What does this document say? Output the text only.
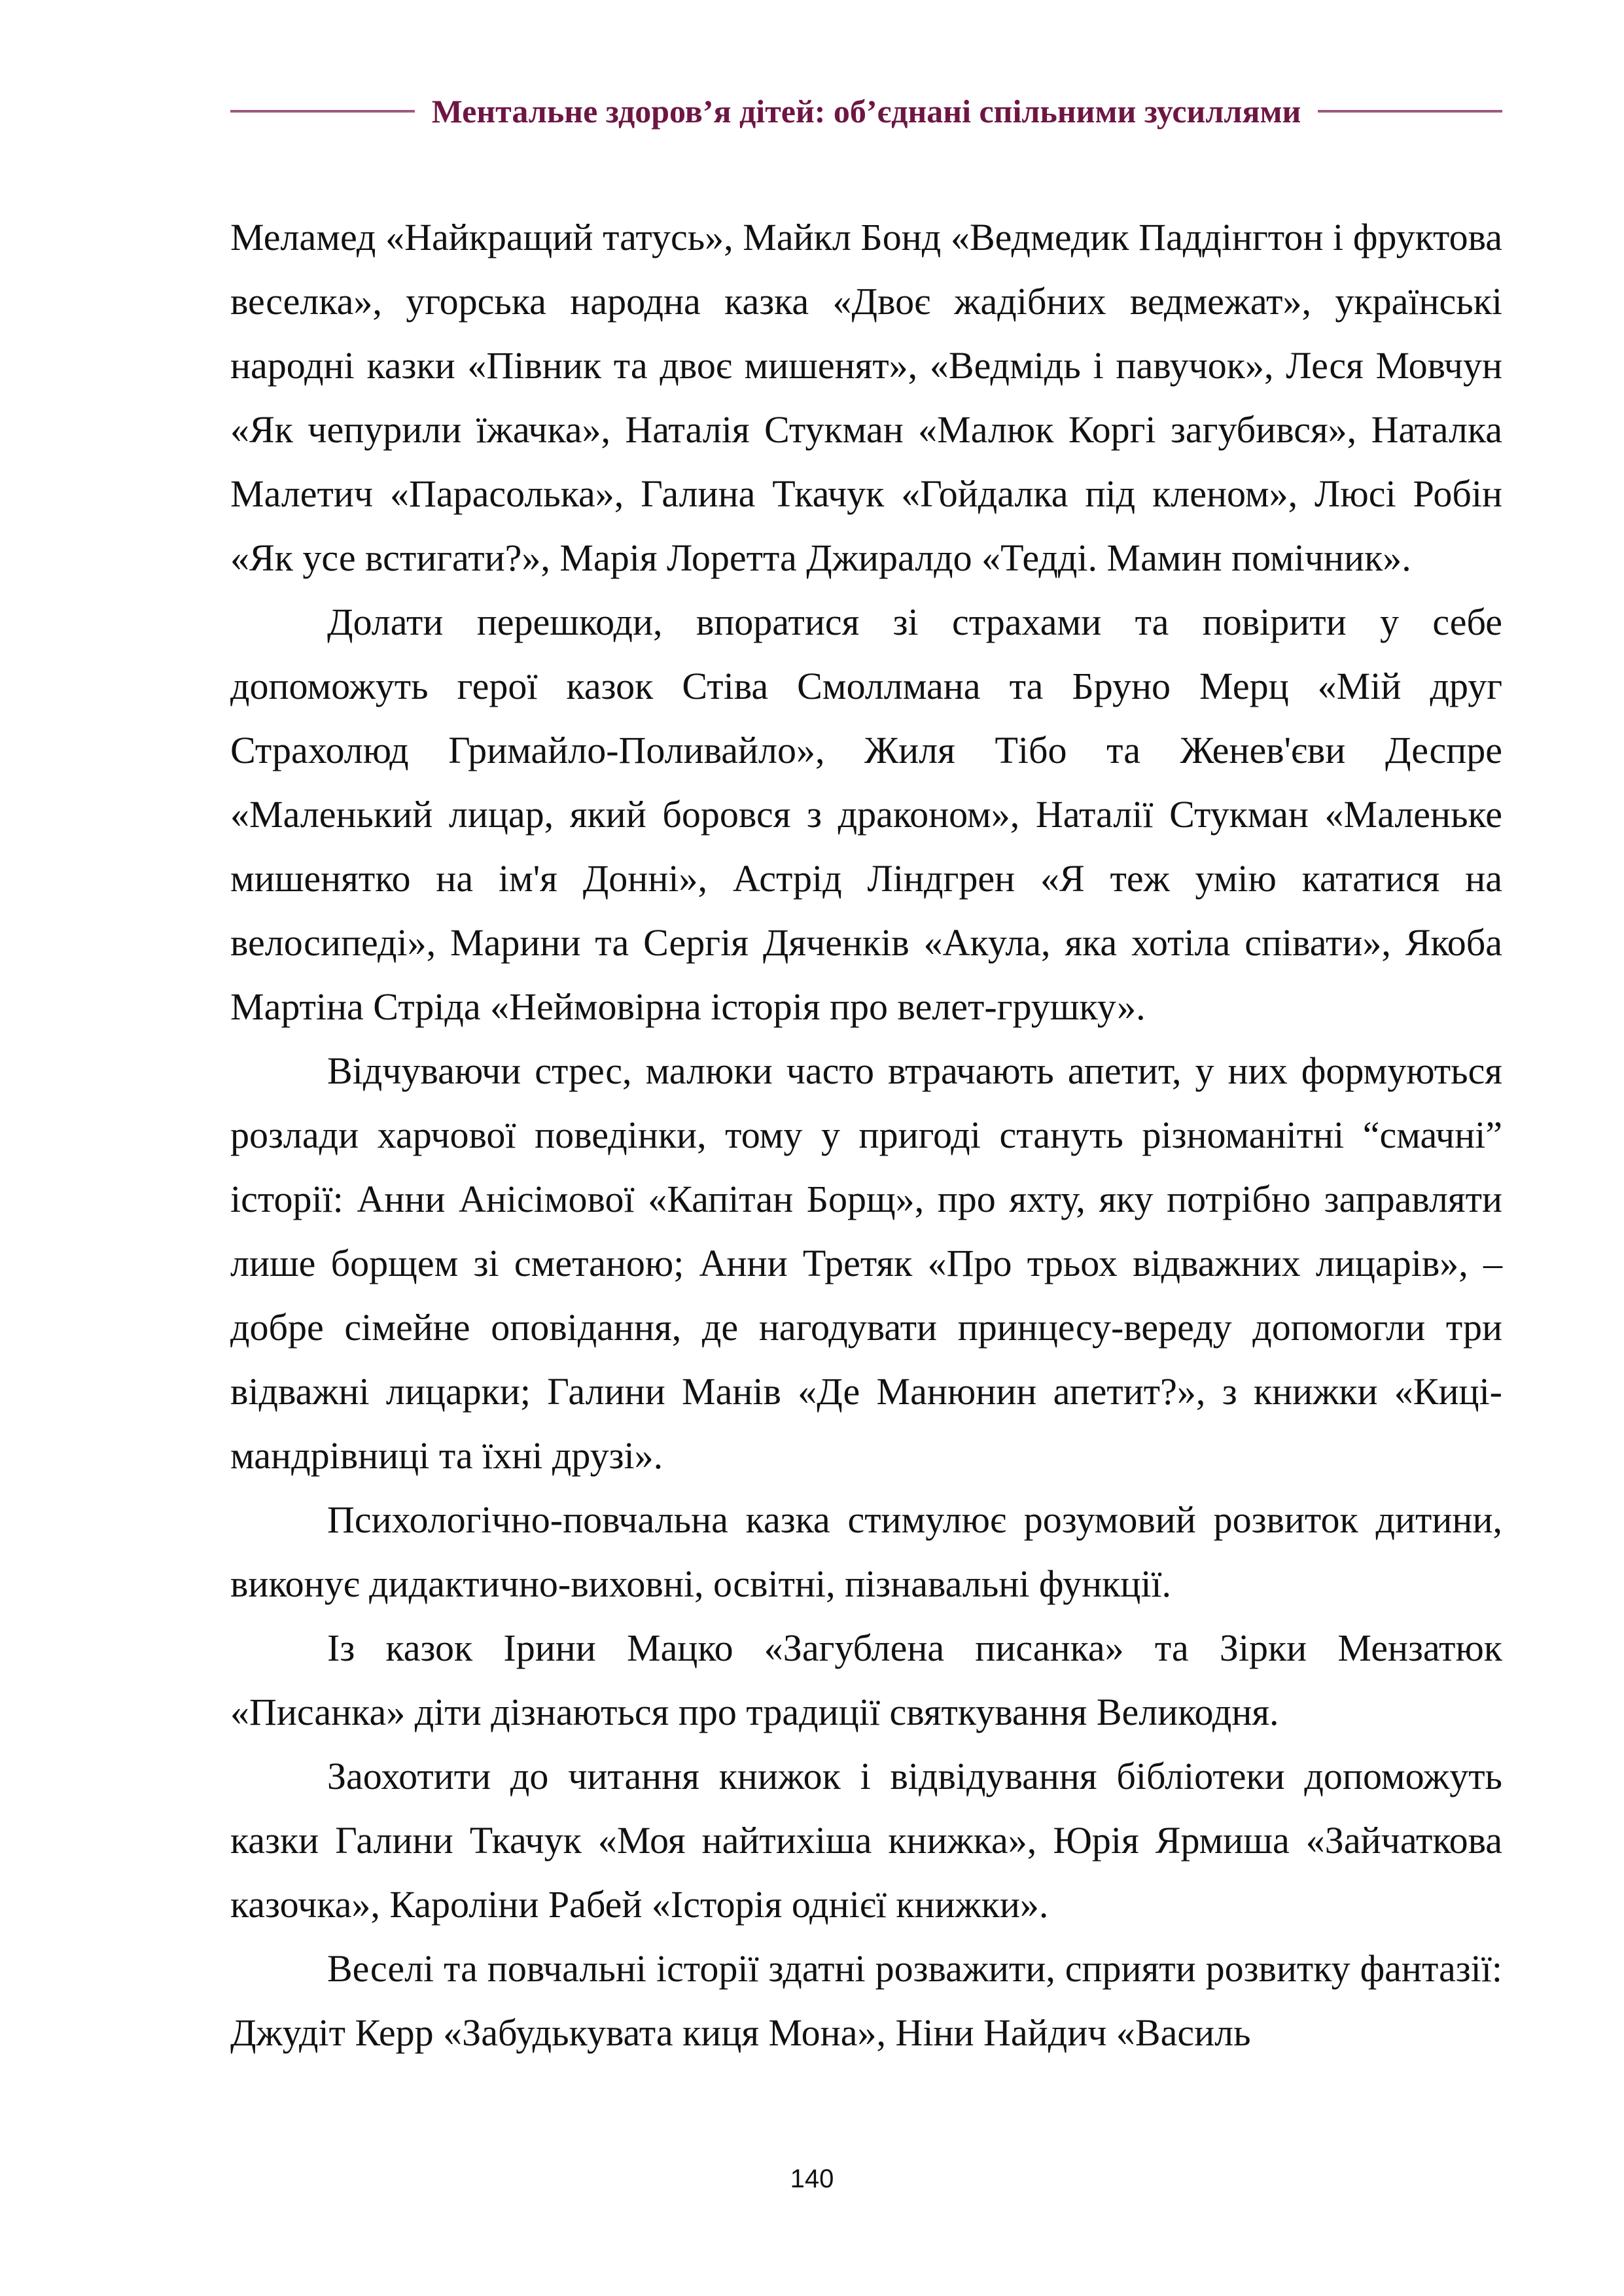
Ментальне здоров’я дітей: об’єднані спільними зусиллями

Меламед «Найкращий татусь», Майкл Бонд «Ведмедик Паддінгтон і фруктова веселка», угорська народна казка «Двоє жадібних ведмежат», українські народні казки «Півник та двоє мишенят», «Ведмідь і павучок», Леся Мовчун «Як чепурили їжачка», Наталія Стукман «Малюк Коргі загубився», Наталка Малетич «Парасолька», Галина Ткачук «Гойдалка під кленом», Люсі Робін «Як усе встигати?», Марія Лоретта Джиралдо «Тедді. Мамин помічник».

Долати перешкоди, впоратися зі страхами та повірити у себе допоможуть герої казок Стіва Смоллмана та Бруно Мерц «Мій друг Страхолюд Гримайло-Поливайло», Жиля Тібо та Женев'єви Деспре «Маленький лицар, який боровся з драконом», Наталії Стукман «Маленьке мишенятко на ім'я Донні», Астрід Ліндгрен «Я теж умію кататися на велосипеді», Марини та Сергія Дяченків «Акула, яка хотіла співати», Якоба Мартіна Стріда «Неймовірна історія про велет-грушку».

Відчуваючи стрес, малюки часто втрачають апетит, у них формуються розлади харчової поведінки, тому у пригоді стануть різноманітні “смачні” історії: Анни Анісімової «Капітан Борщ», про яхту, яку потрібно заправляти лише борщем зі сметаною; Анни Третяк «Про трьох відважних лицарів», – добре сімейне оповідання, де нагодувати принцесу-вереду допомогли три відважні лицарки; Галини Манів «Де Манюнин апетит?», з книжки «Киці-мандрівниці та їхні друзі».

Психологічно-повчальна казка стимулює розумовий розвиток дитини, виконує дидактично-виховні, освітні, пізнавальні функції.

Із казок Ірини Мацко «Загублена писанка» та Зірки Мензатюк «Писанка» діти дізнаються про традиції святкування Великодня.

Заохотити до читання книжок і відвідування бібліотеки допоможуть казки Галини Ткачук «Моя найтихіша книжка», Юрія Ярмиша «Зайчаткова казочка», Кароліни Рабей «Історія однієї книжки».

Веселі та повчальні історії здатні розважити, сприяти розвитку фантазії: Джудіт Керр «Забудькувата киця Мона», Ніни Найдич «Василь

140
